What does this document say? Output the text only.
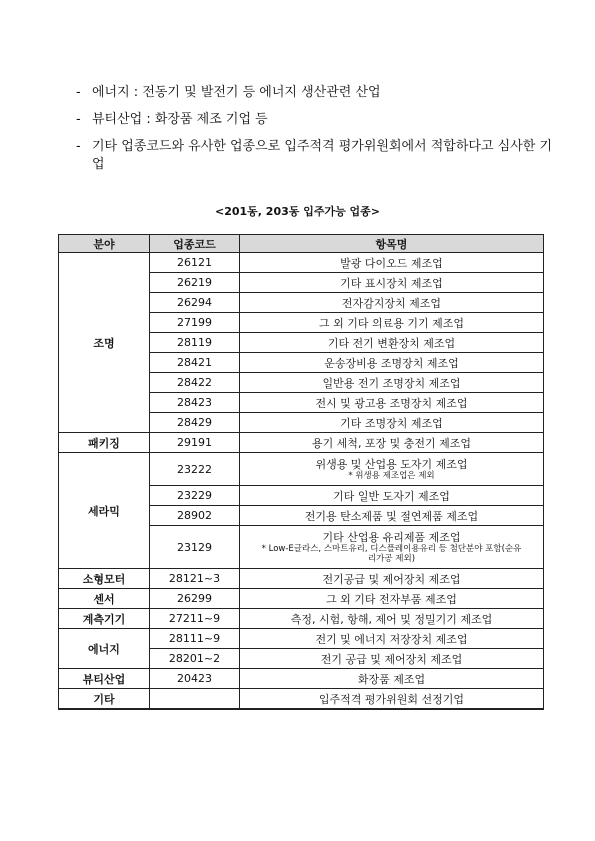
- 에너지 : 전동기 및 발전기 등 에너지 생산관련 산업
- 뷰티산업 : 화장품 제조 기업 등
- 기타 업종코드와 유사한 업종으로 입주적격 평가위원회에서 적합하다고 심사한 기업
<201동, 203동 입주가능 업종>
분야	업종코드	항목명
조명	26121	발광 다이오드 제조업
	26219	기타 표시장치 제조업
	26294	전자감지장치 제조업
	27199	그 외 기타 의료용 기기 제조업
	28119	기타 전기 변환장치 제조업
	28421	운송장비용 조명장치 제조업
	28422	일반용 전기 조명장치 제조업
	28423	전시 및 광고용 조명장치 제조업
	28429	기타 조명장치 제조업
패키징	29191	용기 세척, 포장 및 충전기 제조업
세라믹	23222	위생용 및 산업용 도자기 제조업
* 위생용 제조업은 제외

	23229	기타 일반 도자기 제조업
	28902	전기용 탄소제품 및 절연제품 제조업
	23129	기타 산업용 유리제품 제조업
* Low-E글라스, 스마트유리, 디스플레이용유리 등 첨단분야 포함(순유리가공 제외)

소형모터	28121~3	전기공급 및 제어장치 제조업
센서	26299	그 외 기타 전자부품 제조업
계측기기	27211~9	측정, 시험, 항해, 제어 및 정밀기기 제조업
에너지	28111~9	전기 및 에너지 저장장치 제조업
	28201~2	전기 공급 및 제어장치 제조업
뷰티산업	20423	화장품 제조업
기타		입주적격 평가위원회 선정기업
